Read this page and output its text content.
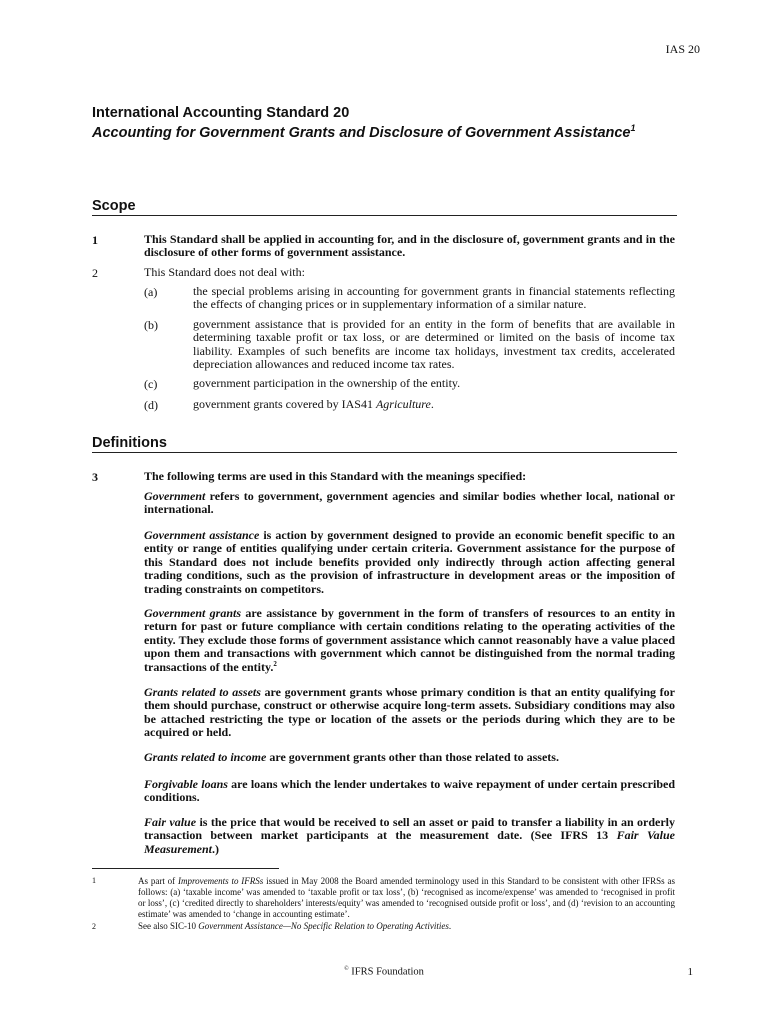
IAS 20
International Accounting Standard 20
Accounting for Government Grants and Disclosure of Government Assistance$^1$
Scope
1	This Standard shall be applied in accounting for, and in the disclosure of, government grants and in the disclosure of other forms of government assistance.
2	This Standard does not deal with:
(a)	the special problems arising in accounting for government grants in financial statements reflecting the effects of changing prices or in supplementary information of a similar nature.
(b)	government assistance that is provided for an entity in the form of benefits that are available in determining taxable profit or tax loss, or are determined or limited on the basis of income tax liability. Examples of such benefits are income tax holidays, investment tax credits, accelerated depreciation allowances and reduced income tax rates.
(c)	government participation in the ownership of the entity.
(d)	government grants covered by IAS41 Agriculture.
Definitions
3	The following terms are used in this Standard with the meanings specified:
Government refers to government, government agencies and similar bodies whether local, national or international.
Government assistance is action by government designed to provide an economic benefit specific to an entity or range of entities qualifying under certain criteria. Government assistance for the purpose of this Standard does not include benefits provided only indirectly through action affecting general trading conditions, such as the provision of infrastructure in development areas or the imposition of trading constraints on competitors.
Government grants are assistance by government in the form of transfers of resources to an entity in return for past or future compliance with certain conditions relating to the operating activities of the entity. They exclude those forms of government assistance which cannot reasonably have a value placed upon them and transactions with government which cannot be distinguished from the normal trading transactions of the entity.$^2$
Grants related to assets are government grants whose primary condition is that an entity qualifying for them should purchase, construct or otherwise acquire long-term assets. Subsidiary conditions may also be attached restricting the type or location of the assets or the periods during which they are to be acquired or held.
Grants related to income are government grants other than those related to assets.
Forgivable loans are loans which the lender undertakes to waive repayment of under certain prescribed conditions.
Fair value is the price that would be received to sell an asset or paid to transfer a liability in an orderly transaction between market participants at the measurement date. (See IFRS 13 Fair Value Measurement.)
1	As part of Improvements to IFRSs issued in May 2008 the Board amended terminology used in this Standard to be consistent with other IFRSs as follows: (a) ‘taxable income’ was amended to ‘taxable profit or tax loss’, (b) ‘recognised as income/expense’ was amended to ‘recognised in profit or loss’, (c) ‘credited directly to shareholders’ interests/equity’ was amended to ‘recognised outside profit or loss’, and (d) ‘revision to an accounting estimate’ was amended to ‘change in accounting estimate’.
2	See also SIC-10 Government Assistance—No Specific Relation to Operating Activities.
© IFRS Foundation	1
